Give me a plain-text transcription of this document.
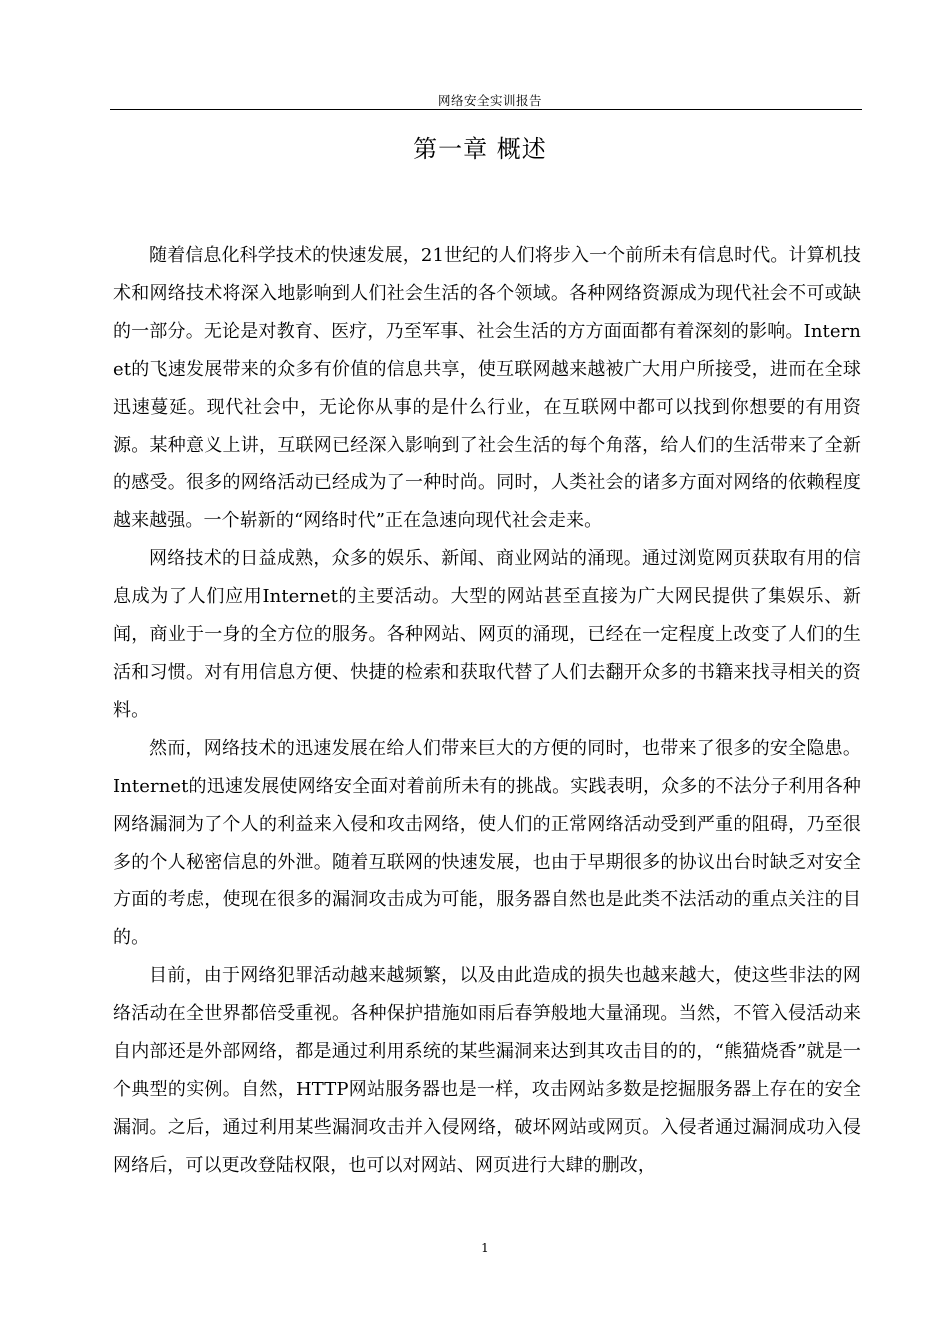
网络安全实训报告
第一章 概述

随着信息化科学技术的快速发展，21世纪的人们将步入一个前所未有信息时代。计算机技术和网络技术将深入地影响到人们社会生活的各个领域。各种网络资源成为现代社会不可或缺的一部分。无论是对教育、医疗，乃至军事、社会生活的方方面面都有着深刻的影响。Internet的飞速发展带来的众多有价值的信息共享，使互联网越来越被广大用户所接受，进而在全球迅速蔓延。现代社会中，无论你从事的是什么行业，在互联网中都可以找到你想要的有用资源。某种意义上讲，互联网已经深入影响到了社会生活的每个角落，给人们的生活带来了全新的感受。很多的网络活动已经成为了一种时尚。同时，人类社会的诸多方面对网络的依赖程度越来越强。一个崭新的“网络时代”正在急速向现代社会走来。

网络技术的日益成熟，众多的娱乐、新闻、商业网站的涌现。通过浏览网页获取有用的信息成为了人们应用Internet的主要活动。大型的网站甚至直接为广大网民提供了集娱乐、新闻，商业于一身的全方位的服务。各种网站、网页的涌现，已经在一定程度上改变了人们的生活和习惯。对有用信息方便、快捷的检索和获取代替了人们去翻开众多的书籍来找寻相关的资料。

然而，网络技术的迅速发展在给人们带来巨大的方便的同时，也带来了很多的安全隐患。Internet的迅速发展使网络安全面对着前所未有的挑战。实践表明，众多的不法分子利用各种网络漏洞为了个人的利益来入侵和攻击网络，使人们的正常网络活动受到严重的阻碍，乃至很多的个人秘密信息的外泄。随着互联网的快速发展，也由于早期很多的协议出台时缺乏对安全方面的考虑，使现在很多的漏洞攻击成为可能，服务器自然也是此类不法活动的重点关注的目的。

目前，由于网络犯罪活动越来越频繁，以及由此造成的损失也越来越大，使这些非法的网络活动在全世界都倍受重视。各种保护措施如雨后春笋般地大量涌现。当然，不管入侵活动来自内部还是外部网络，都是通过利用系统的某些漏洞来达到其攻击目的的，“熊猫烧香”就是一个典型的实例。自然，HTTP网站服务器也是一样，攻击网站多数是挖掘服务器上存在的安全漏洞。之后，通过利用某些漏洞攻击并入侵网络，破坏网站或网页。入侵者通过漏洞成功入侵网络后，可以更改登陆权限，也可以对网站、网页进行大肆的删改，

1
